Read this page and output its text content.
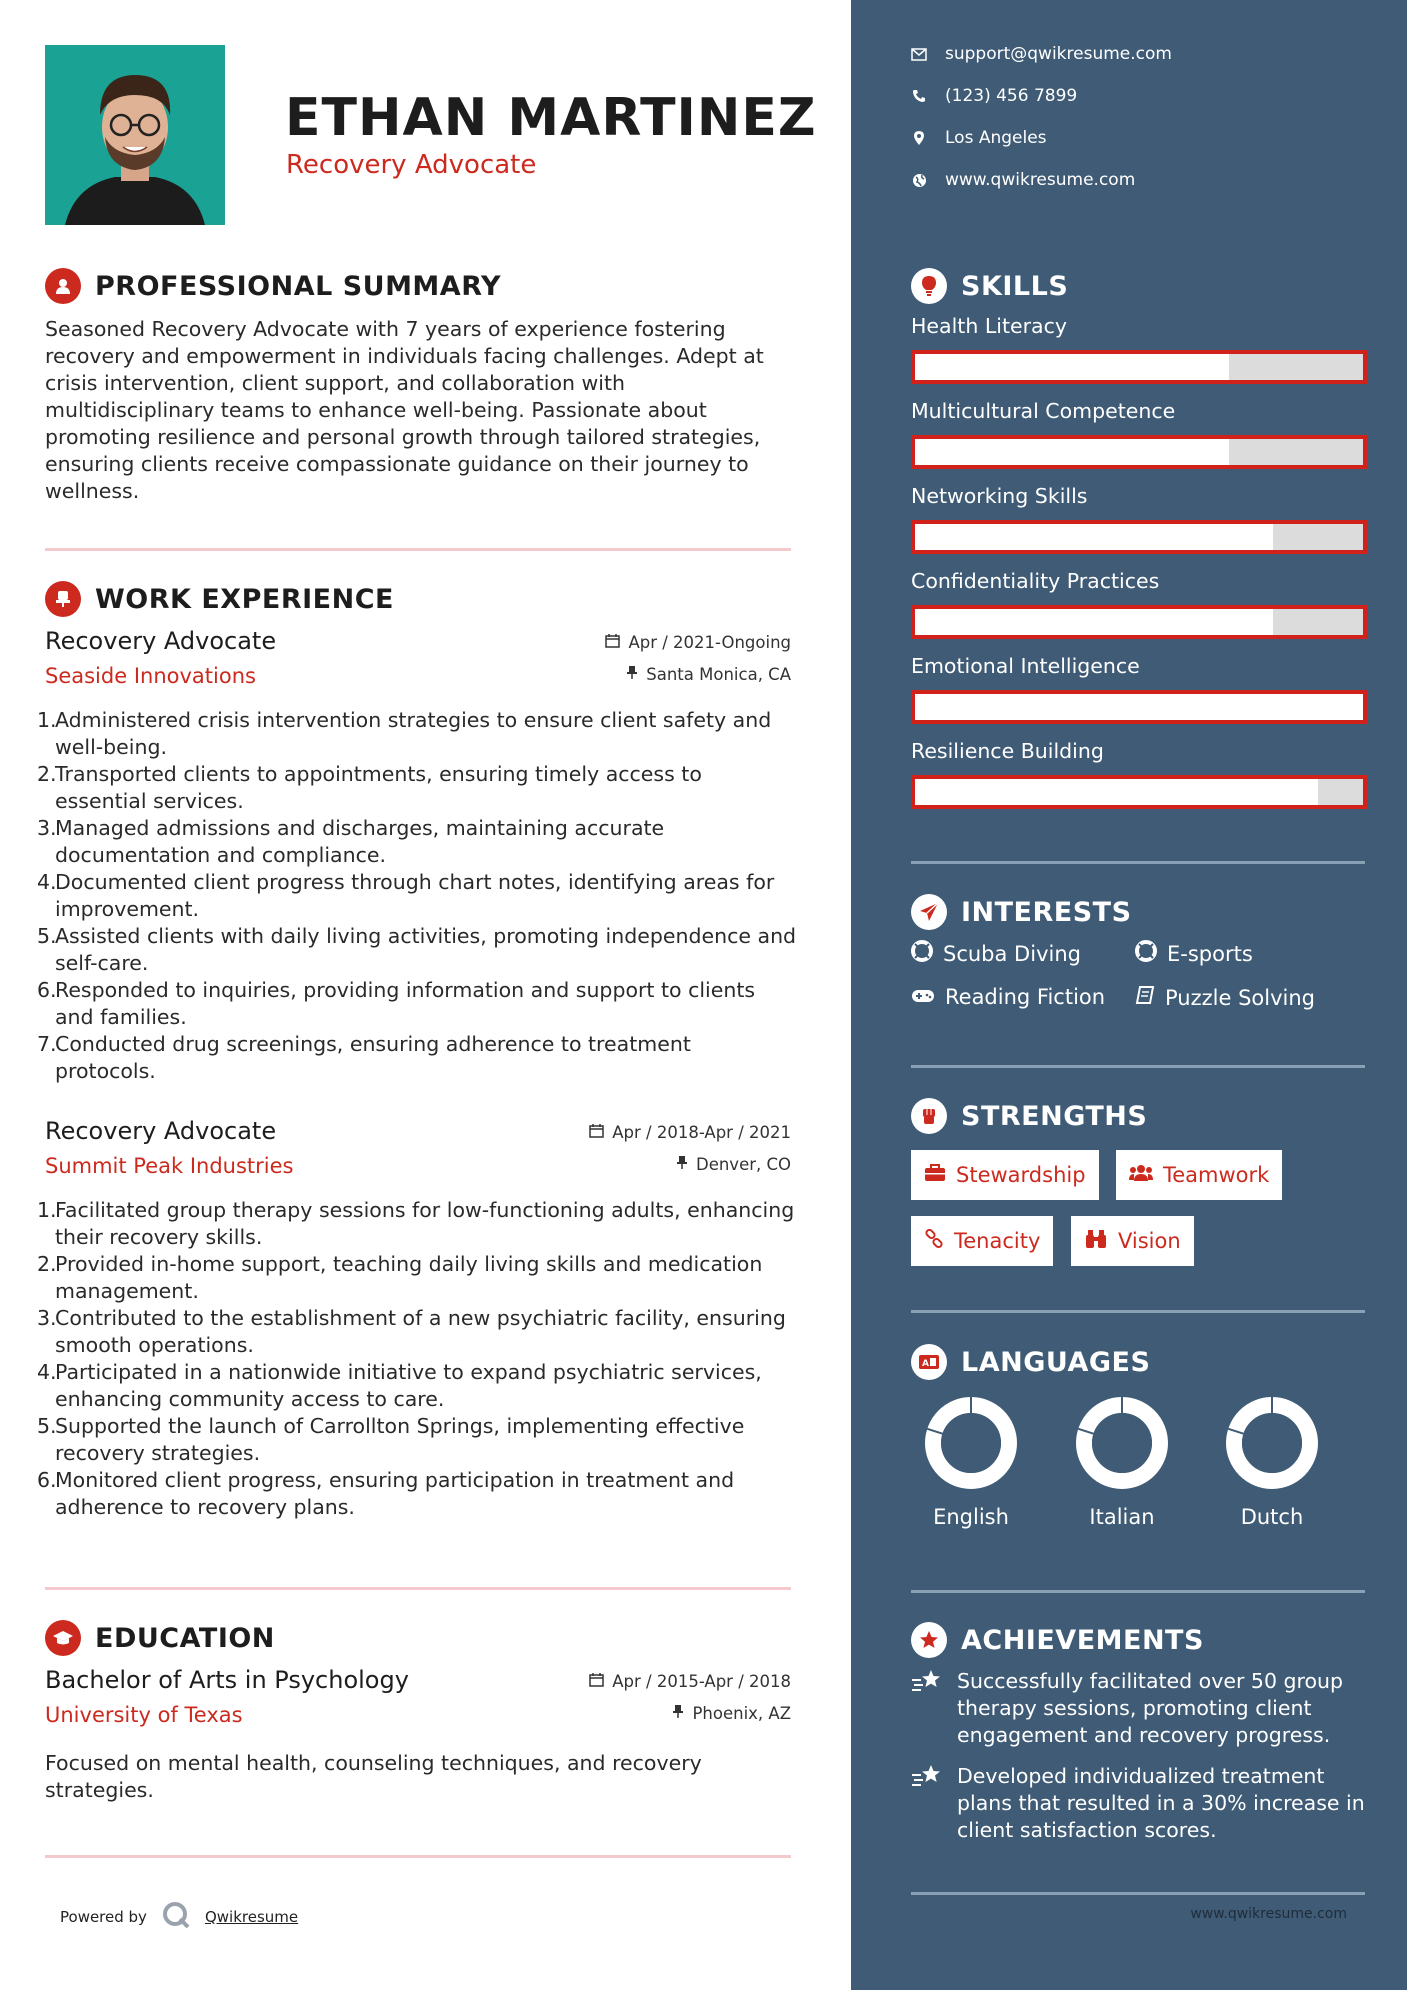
ETHAN MARTINEZ
Recovery Advocate
PROFESSIONAL SUMMARY

Seasoned Recovery Advocate with 7 years of experience fostering recovery and empowerment in individuals facing challenges. Adept at crisis intervention, client support, and collaboration with multidisciplinary teams to enhance well-being. Passionate about promoting resilience and personal growth through tailored strategies, ensuring clients receive compassionate guidance on their journey to wellness.

WORK EXPERIENCE
Recovery Advocate
Seaside Innovations
Apr / 2021-Ongoing
Santa Monica, CA
1.
Administered crisis intervention strategies to ensure client safety and well-being.
2.
Transported clients to appointments, ensuring timely access to essential services.
3.
Managed admissions and discharges, maintaining accurate documentation and compliance.
4.
Documented client progress through chart notes, identifying areas for improvement.
5.
Assisted clients with daily living activities, promoting independence and self-care.
6.
Responded to inquiries, providing information and support to clients and families.
7.
Conducted drug screenings, ensuring adherence to treatment protocols.
Recovery Advocate
Summit Peak Industries
Apr / 2018-Apr / 2021
Denver, CO
1.
Facilitated group therapy sessions for low-functioning adults, enhancing their recovery skills.
2.
Provided in-home support, teaching daily living skills and medication management.
3.
Contributed to the establishment of a new psychiatric facility, ensuring smooth operations.
4.
Participated in a nationwide initiative to expand psychiatric services, enhancing community access to care.
5.
Supported the launch of Carrollton Springs, implementing effective recovery strategies.
6.
Monitored client progress, ensuring participation in treatment and adherence to recovery plans.
EDUCATION
Bachelor of Arts in Psychology
University of Texas
Apr / 2015-Apr / 2018
Phoenix, AZ

Focused on mental health, counseling techniques, and recovery strategies.

Powered by	Qwikresume
support@qwikresume.com
(123) 456 7899
Los Angeles
www.qwikresume.com
SKILLS
Health Literacy
Multicultural Competence
Networking Skills
Confidentiality Practices
Emotional Intelligence
Resilience Building
INTERESTS
Scuba Diving	E-sports
Reading Fiction	Puzzle Solving
STRENGTHS
Stewardship	Teamwork
Tenacity	Vision
A LANGUAGES
English	Italian	Dutch
ACHIEVEMENTS
Successfully facilitated over 50 group therapy sessions, promoting client engagement and recovery progress.
Developed individualized treatment plans that resulted in a 30% increase in client satisfaction scores.
www.qwikresume.com
